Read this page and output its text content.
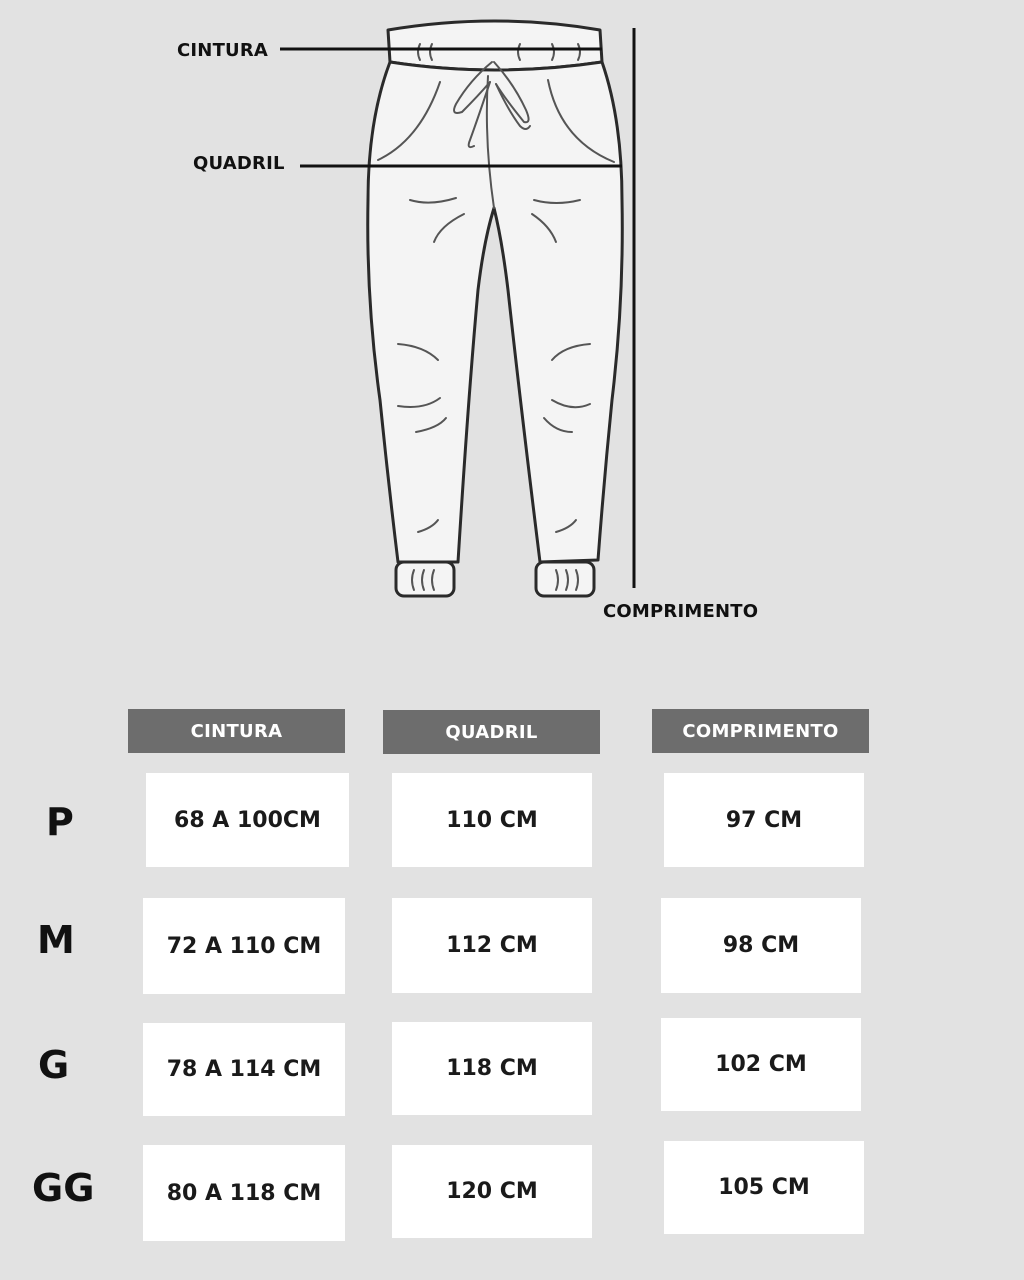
CINTURA
QUADRIL
COMPRIMENTO
CINTURA	QUADRIL	COMPRIMENTO
P	68 A 100CM	110 CM	97 CM
M	72 A 110 CM	112 CM	98 CM
G	78 A 114 CM	118 CM	102 CM
GG	80 A 118 CM	120 CM	105 CM
